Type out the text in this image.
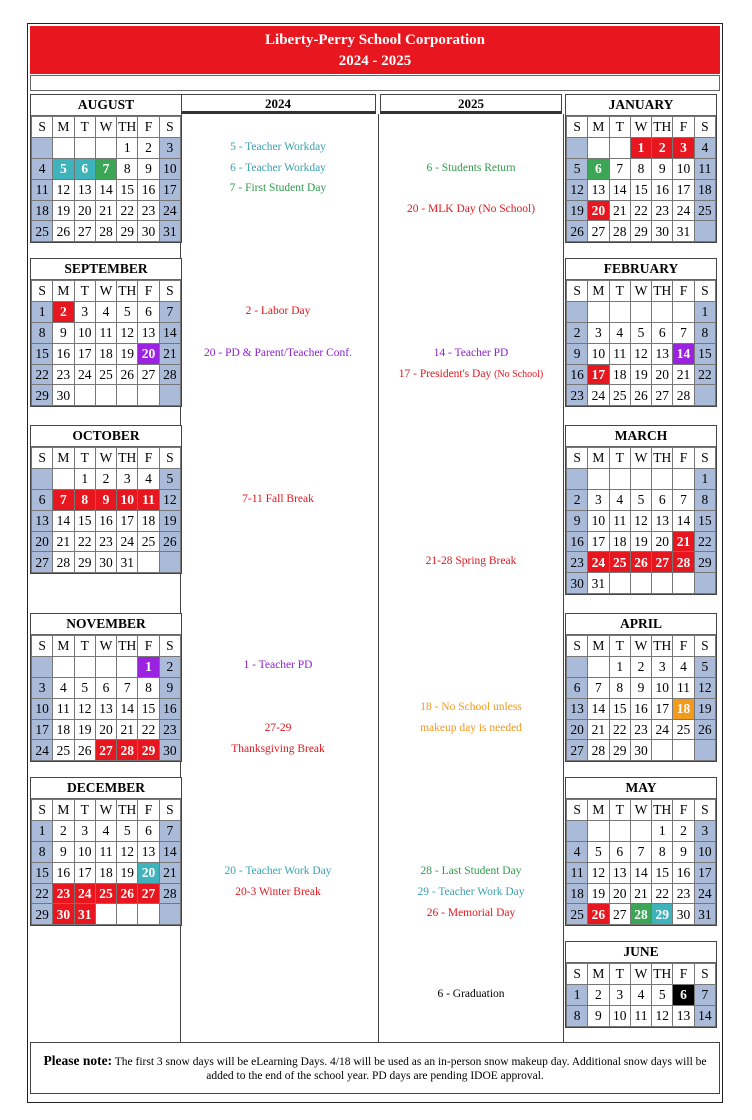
Liberty-Perry School Corporation
2024 - 2025
2024	2025
AUGUST
S	M	T	W	TH	F	S
				1	2	3
4	5	6	7	8	9	10
11	12	13	14	15	16	17
18	19	20	21	22	23	24
25	26	27	28	29	30	31
SEPTEMBER
S	M	T	W	TH	F	S
1	2	3	4	5	6	7
8	9	10	11	12	13	14
15	16	17	18	19	20	21
22	23	24	25	26	27	28
29	30					
OCTOBER
S	M	T	W	TH	F	S
		1	2	3	4	5
6	7	8	9	10	11	12
13	14	15	16	17	18	19
20	21	22	23	24	25	26
27	28	29	30	31		
NOVEMBER
S	M	T	W	TH	F	S
					1	2
3	4	5	6	7	8	9
10	11	12	13	14	15	16
17	18	19	20	21	22	23
24	25	26	27	28	29	30
DECEMBER
S	M	T	W	TH	F	S
1	2	3	4	5	6	7
8	9	10	11	12	13	14
15	16	17	18	19	20	21
22	23	24	25	26	27	28
29	30	31				
JANUARY
S	M	T	W	TH	F	S
			1	2	3	4
5	6	7	8	9	10	11
12	13	14	15	16	17	18
19	20	21	22	23	24	25
26	27	28	29	30	31	
FEBRUARY
S	M	T	W	TH	F	S
						1
2	3	4	5	6	7	8
9	10	11	12	13	14	15
16	17	18	19	20	21	22
23	24	25	26	27	28	
MARCH
S	M	T	W	TH	F	S
						1
2	3	4	5	6	7	8
9	10	11	12	13	14	15
16	17	18	19	20	21	22
23	24	25	26	27	28	29
30	31					
APRIL
S	M	T	W	TH	F	S
		1	2	3	4	5
6	7	8	9	10	11	12
13	14	15	16	17	18	19
20	21	22	23	24	25	26
27	28	29	30			
MAY
S	M	T	W	TH	F	S
				1	2	3
4	5	6	7	8	9	10
11	12	13	14	15	16	17
18	19	20	21	22	23	24
25	26	27	28	29	30	31
JUNE
S	M	T	W	TH	F	S
1	2	3	4	5	6	7
8	9	10	11	12	13	14
5 - Teacher Workday
6 - Teacher Workday
7 - First Student Day
2 - Labor Day
20 - PD & Parent/Teacher Conf.
7-11 Fall Break
1 - Teacher PD
27-29
Thanksgiving Break
20 - Teacher Work Day
20-3 Winter Break
6 - Students Return
20 - MLK Day (No School)
14 - Teacher PD
17 - President's Day (No School)
21-28 Spring Break
18 - No School unless
makeup day is needed
28 - Last Student Day
29 - Teacher Work Day
26 - Memorial Day
6 - Graduation
Please note: The first 3 snow days will be eLearning Days. 4/18 will be used as an in-person snow makeup day. Additional snow days will be added to the end of the school year. PD days are pending IDOE approval.
